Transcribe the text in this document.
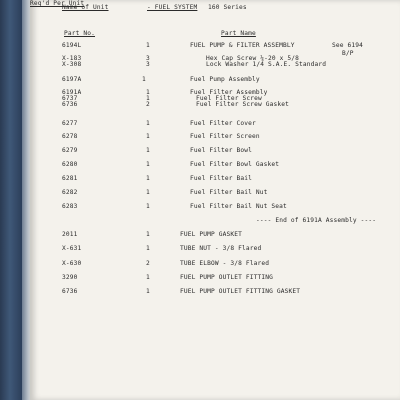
Name of Unit	- FUEL SYSTEM 160 Series
Part No.
Req'd Per Unit
Part Name
6194L	1	FUEL PUMP & FILTER ASSEMBLY	See 6194
B/P
X-183	3	Hex Cap Screw ¼-20 x 5/8
X-308	3	Lock Washer 1/4 S.A.E. Standard
6197A	1	Fuel Pump Assembly
6191A	1	Fuel Filter Assembly
6737	1	Fuel Filter Screw
6736	2	Fuel Filter Screw Gasket
6277	1	Fuel Filter Cover
6278	1	Fuel Filter Screen
6279	1	Fuel Filter Bowl
6280	1	Fuel Filter Bowl Gasket
6281	1	Fuel Filter Bail
6282	1	Fuel Filter Bail Nut
6283	1	Fuel Filter Bail Nut Seat
---- End of 6191A Assembly ----
2011	1	FUEL PUMP GASKET
X-631	1	TUBE NUT - 3/8 Flared
X-630	2	TUBE ELBOW - 3/8 Flared
3290	1	FUEL PUMP OUTLET FITTING
6736	1	FUEL PUMP OUTLET FITTING GASKET
